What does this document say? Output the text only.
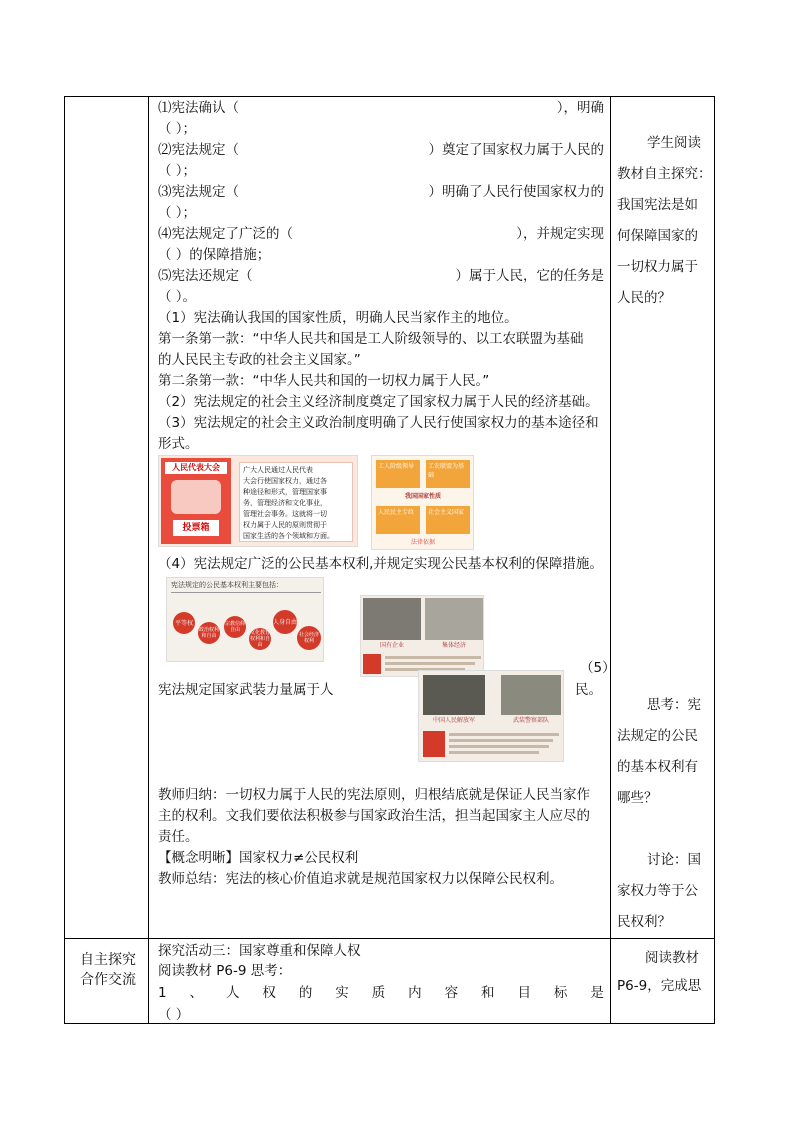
⑴宪法确认（	），明确
（ ）；
⑵宪法规定（	）奠定了国家权力属于人民的
（ ）；
⑶宪法规定（	）明确了人民行使国家权力的
（ ）；
⑷宪法规定了广泛的（	），并规定实现
（ ）的保障措施；
⑸宪法还规定（	）属于人民，它的任务是
（ ）。
（1）宪法确认我国的国家性质，明确人民当家作主的地位。
第一条第一款：“中华人民共和国是工人阶级领导的、以工农联盟为基础
的人民民主专政的社会主义国家。”
第二条第一款：“中华人民共和国的一切权力属于人民。”
（2）宪法规定的社会主义经济制度奠定了国家权力属于人民的经济基础。
（3）宪法规定的社会主义政治制度明确了人民行使国家权力的基本途径和
形式。
人民代表大会
投票箱
广大人民通过人民代表
大会行使国家权力，通过各
种途径和形式，管理国家事
务，管理经济和文化事业，
管理社会事务。这就将一切
权力属于人民的原则贯彻于
国家生活的各个领域和方面。
工人阶级领导	工农联盟为基础
我国国家性质
人民民主专政	社会主义国家
法律依据
（4）宪法规定广泛的公民基本权利,并规定实现公民基本权利的保障措施。
宪法规定的公民基本权利主要包括：
平等权
政治权利和自由
宗教信仰自由	文化教育权利和自由
人身自由
社会经济权利
国有企业	集体经济
（5）
宪法规定国家武装力量属于人	民。
中国人民解放军	武装警察部队
教师归纳：一切权力属于人民的宪法原则，归根结底就是保证人民当家作
主的权利。文我们要依法积极参与国家政治生活，担当起国家主人应尽的
责任。
【概念明晰】国家权力≠公民权利
教师总结：宪法的核心价值追求就是规范国家权力以保障公民权利。
学生阅读
教材自主探究：
我国宪法是如
何保障国家的
一切权力属于
人民的？
思考：宪
法规定的公民
的基本权利有
哪些？
讨论：国
家权力等于公
民权利？
自主探究
合作交流
探究活动三：国家尊重和保障人权
阅读教材 P6-9 思考：
1 、 人 权 的 实 质 内 容 和 目 标 是
（ ）
阅读教材
P6-9，完成思
